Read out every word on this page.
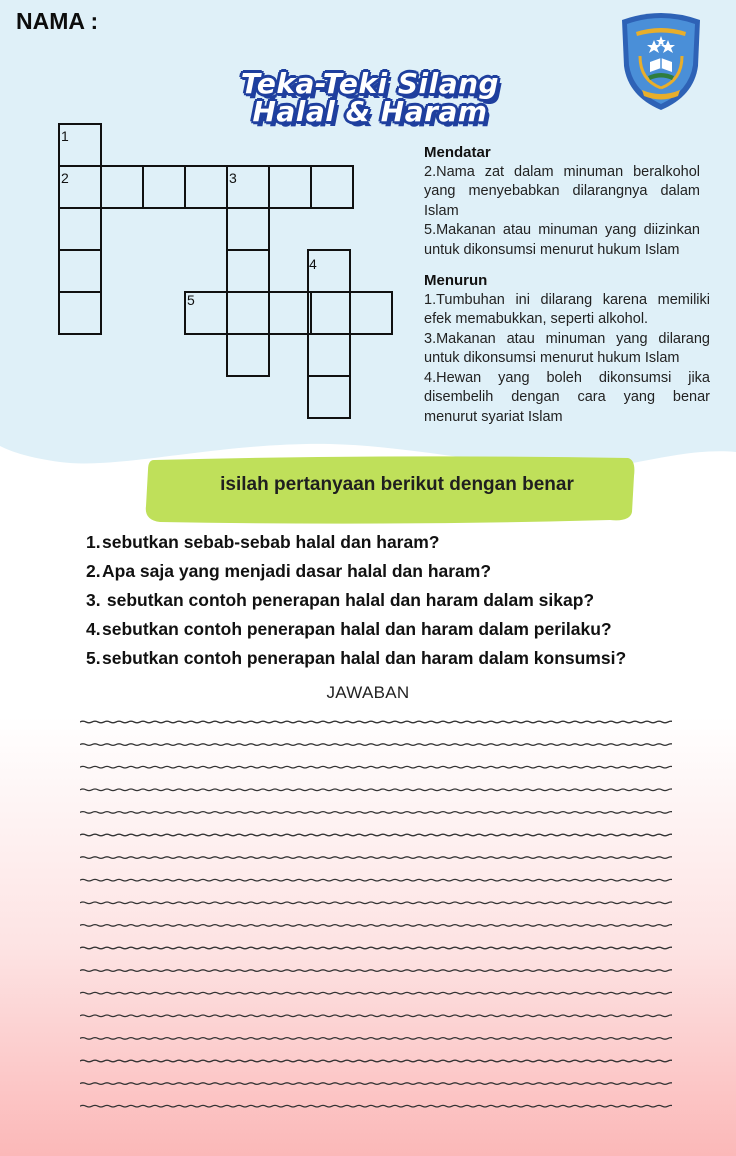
NAMA :
Teka-Teki Silang
Halal & Haram
1
2	3
4
5
Mendatar
2.Nama zat dalam minuman beralkohol yang menyebabkan dilarangnya dalam Islam
5.Makanan atau minuman yang diizinkan untuk dikonsumsi menurut hukum Islam
Menurun
1.Tumbuhan ini dilarang karena memiliki efek memabukkan, seperti alkohol.
3.Makanan atau minuman yang dilarang untuk dikonsumsi menurut hukum Islam
4.Hewan yang boleh dikonsumsi jika disembelih dengan cara yang benar menurut syariat Islam
isilah pertanyaan berikut dengan benar
1.sebutkan sebab-sebab halal dan haram?
2.Apa saja yang menjadi dasar halal dan haram?
3. sebutkan contoh penerapan halal dan haram dalam sikap?
4.sebutkan contoh penerapan halal dan haram dalam perilaku?
5.sebutkan contoh penerapan halal dan haram dalam konsumsi?
JAWABAN
